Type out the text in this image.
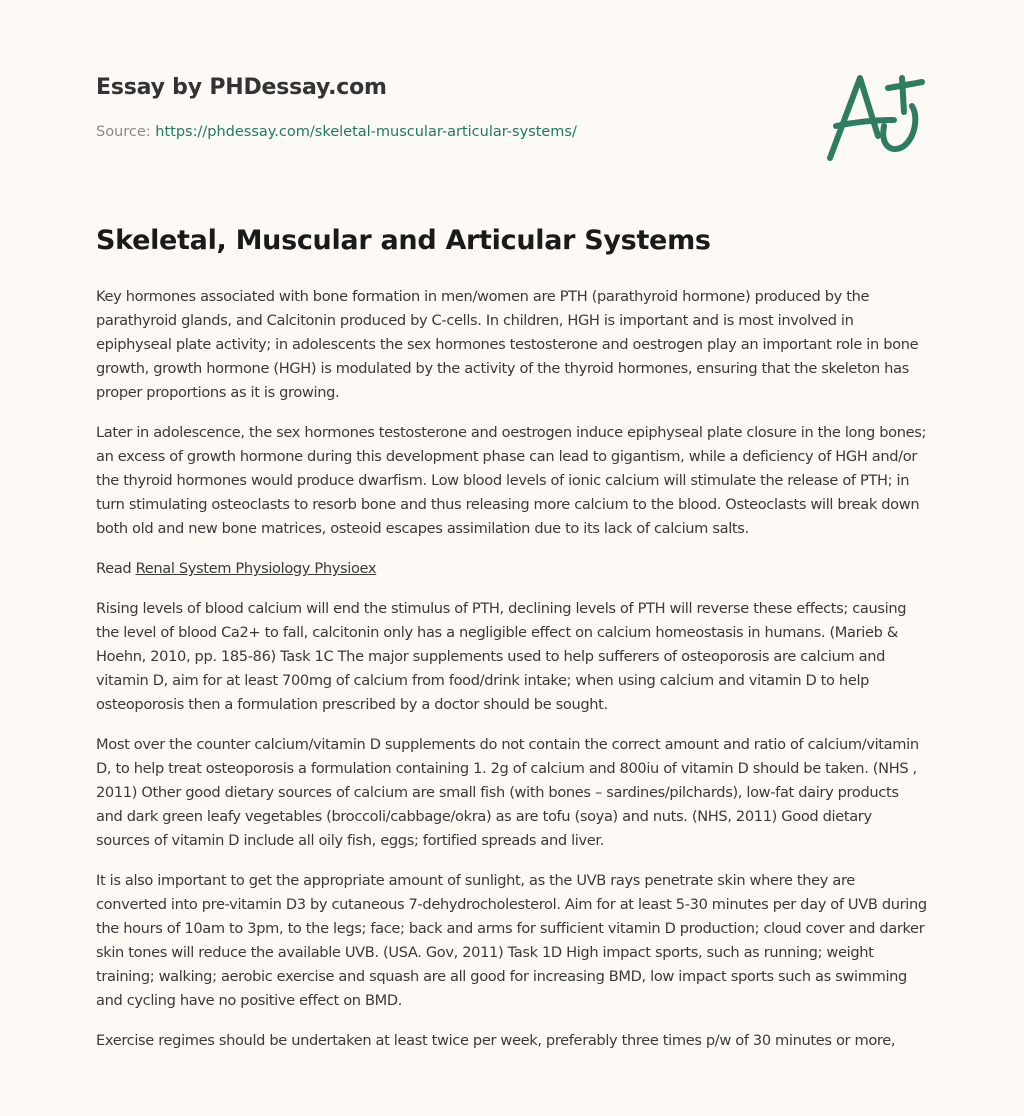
Essay by PHDessay.com
Source: https://phdessay.com/skeletal-muscular-articular-systems/
Skeletal, Muscular and Articular Systems

Key hormones associated with bone formation in men/women are PTH (parathyroid hormone) produced by the parathyroid glands, and Calcitonin produced by C-cells. In children, HGH is important and is most involved in epiphyseal plate activity; in adolescents the sex hormones testosterone and oestrogen play an important role in bone growth, growth hormone (HGH) is modulated by the activity of the thyroid hormones, ensuring that the skeleton has proper proportions as it is growing.

Later in adolescence, the sex hormones testosterone and oestrogen induce epiphyseal plate closure in the long bones; an excess of growth hormone during this development phase can lead to gigantism, while a deficiency of HGH and/or the thyroid hormones would produce dwarfism. Low blood levels of ionic calcium will stimulate the release of PTH; in turn stimulating osteoclasts to resorb bone and thus releasing more calcium to the blood. Osteoclasts will break down both old and new bone matrices, osteoid escapes assimilation due to its lack of calcium salts.

Read Renal System Physiology Physioex

Rising levels of blood calcium will end the stimulus of PTH, declining levels of PTH will reverse these effects; causing the level of blood Ca2+ to fall, calcitonin only has a negligible effect on calcium homeostasis in humans. (Marieb & Hoehn, 2010, pp. 185-86) Task 1C The major supplements used to help sufferers of osteoporosis are calcium and vitamin D, aim for at least 700mg of calcium from food/drink intake; when using calcium and vitamin D to help osteoporosis then a formulation prescribed by a doctor should be sought.

Most over the counter calcium/vitamin D supplements do not contain the correct amount and ratio of calcium/vitamin D, to help treat osteoporosis a formulation containing 1. 2g of calcium and 800iu of vitamin D should be taken. (NHS , 2011) Other good dietary sources of calcium are small fish (with bones – sardines/pilchards), low-fat dairy products and dark green leafy vegetables (broccoli/cabbage/okra) as are tofu (soya) and nuts. (NHS, 2011) Good dietary sources of vitamin D include all oily fish, eggs; fortified spreads and liver.

It is also important to get the appropriate amount of sunlight, as the UVB rays penetrate skin where they are converted into pre-vitamin D3 by cutaneous 7-dehydrocholesterol. Aim for at least 5-30 minutes per day of UVB during the hours of 10am to 3pm, to the legs; face; back and arms for sufficient vitamin D production; cloud cover and darker skin tones will reduce the available UVB. (USA. Gov, 2011) Task 1D High impact sports, such as running; weight training; walking; aerobic exercise and squash are all good for increasing BMD, low impact sports such as swimming and cycling have no positive effect on BMD.

Exercise regimes should be undertaken at least twice per week, preferably three times p/w of 30 minutes or more,
